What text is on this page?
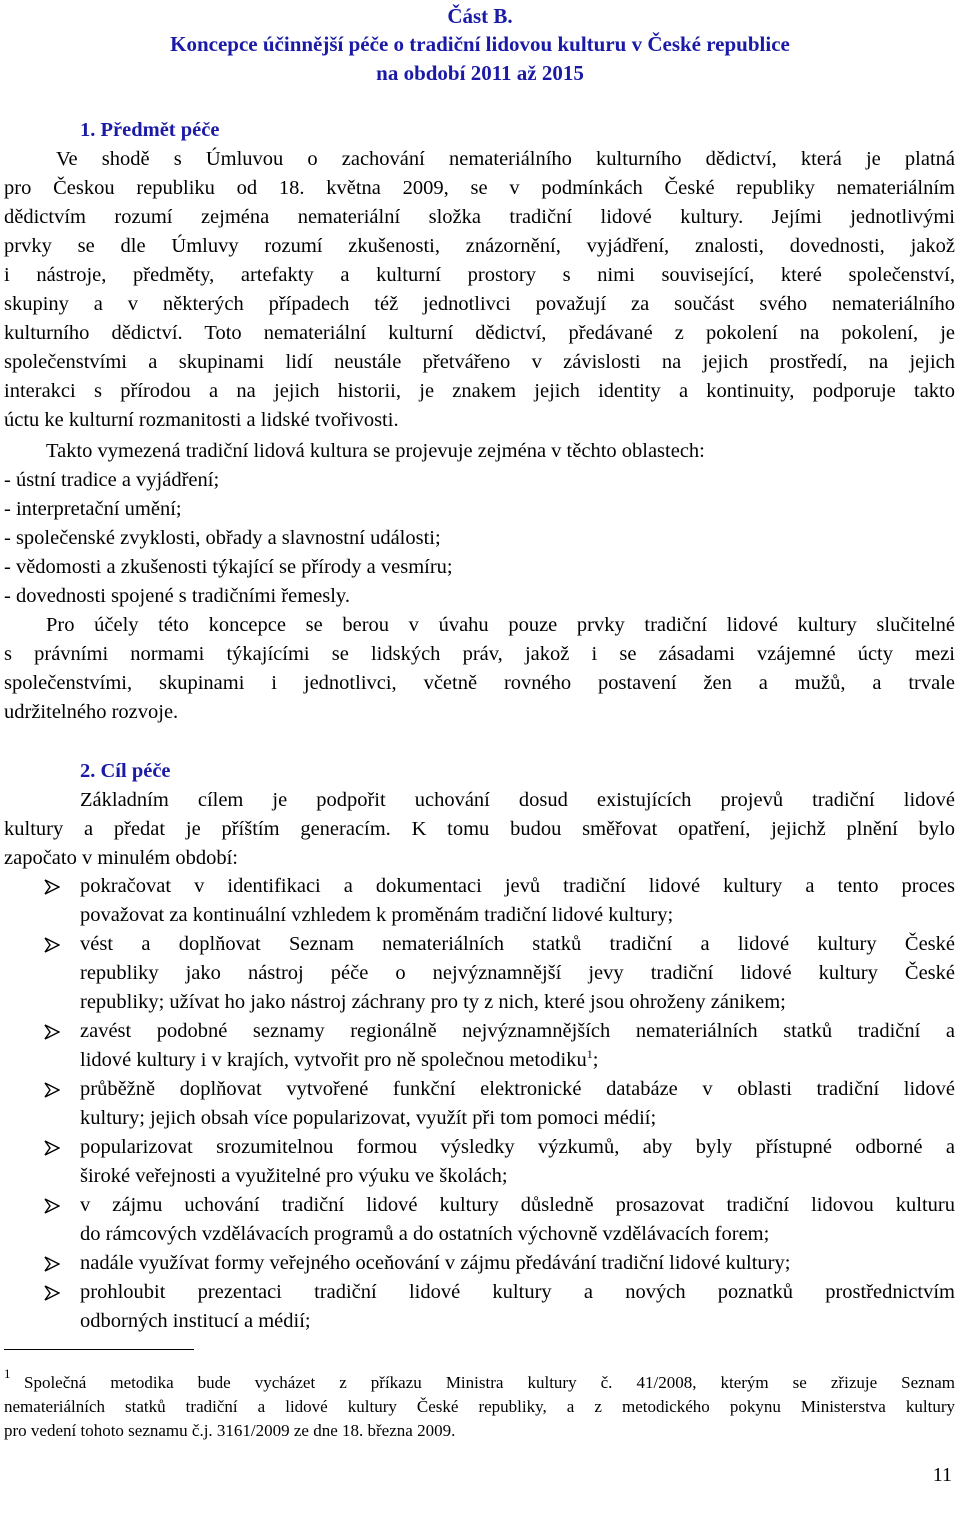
Část B.
Koncepce účinnější péče o tradiční lidovou kulturu v České republice
na období 2011 až 2015
1. Předmět péče
Ve shodě s Úmluvou o zachování nemateriálního kulturního dědictví, která je platná
pro Českou republiku od 18. května 2009, se v podmínkách České republiky nemateriálním
dědictvím rozumí zejména nemateriální složka tradiční lidové kultury. Jejími jednotlivými
prvky se dle Úmluvy rozumí zkušenosti, znázornění, vyjádření, znalosti, dovednosti, jakož
i nástroje, předměty, artefakty a kulturní prostory s nimi související, které společenství,
skupiny a v některých případech též jednotlivci považují za součást svého nemateriálního
kulturního dědictví. Toto nemateriální kulturní dědictví, předávané z pokolení na pokolení, je
společenstvími a skupinami lidí neustále přetvářeno v závislosti na jejich prostředí, na jejich
interakci s přírodou a na jejich historii, je znakem jejich identity a kontinuity, podporuje takto
úctu ke kulturní rozmanitosti a lidské tvořivosti.
Takto vymezená tradiční lidová kultura se projevuje zejména v těchto oblastech:
- ústní tradice a vyjádření;
- interpretační umění;
- společenské zvyklosti, obřady a slavnostní události;
- vědomosti a zkušenosti týkající se přírody a vesmíru;
- dovednosti spojené s tradičními řemesly.
Pro účely této koncepce se berou v úvahu pouze prvky tradiční lidové kultury slučitelné
s právními normami týkajícími se lidských práv, jakož i se zásadami vzájemné úcty mezi
společenstvími, skupinami i jednotlivci, včetně rovného postavení žen a mužů, a trvale
udržitelného rozvoje.
2. Cíl péče
Základním cílem je podpořit uchování dosud existujících projevů tradiční lidové
kultury a předat je příštím generacím. K tomu budou směřovat opatření, jejichž plnění bylo
započato v minulém období:
pokračovat v identifikaci a dokumentaci jevů tradiční lidové kultury a tento proces
považovat za kontinuální vzhledem k proměnám tradiční lidové kultury;
vést a doplňovat Seznam nemateriálních statků tradiční a lidové kultury České
republiky jako nástroj péče o nejvýznamnější jevy tradiční lidové kultury České
republiky; užívat ho jako nástroj záchrany pro ty z nich, které jsou ohroženy zánikem;
zavést podobné seznamy regionálně nejvýznamnějších nemateriálních statků tradiční a
lidové kultury i v krajích, vytvořit pro ně společnou metodiku$^1$;
průběžně doplňovat vytvořené funkční elektronické databáze v oblasti tradiční lidové
kultury; jejich obsah více popularizovat, využít při tom pomoci médií;
popularizovat srozumitelnou formou výsledky výzkumů, aby byly přístupné odborné a
široké veřejnosti a využitelné pro výuku ve školách;
v zájmu uchování tradiční lidové kultury důsledně prosazovat tradiční lidovou kulturu
do rámcových vzdělávacích programů a do ostatních výchovně vzdělávacích forem;
nadále využívat formy veřejného oceňování v zájmu předávání tradiční lidové kultury;
prohloubit prezentaci tradiční lidové kultury a nových poznatků prostřednictvím
odborných institucí a médií;
1 Společná metodika bude vycházet z příkazu Ministra kultury č. 41/2008, kterým se zřizuje Seznam
nemateriálních statků tradiční a lidové kultury České republiky, a z metodického pokynu Ministerstva kultury
pro vedení tohoto seznamu č.j. 3161/2009 ze dne 18. března 2009.
11
